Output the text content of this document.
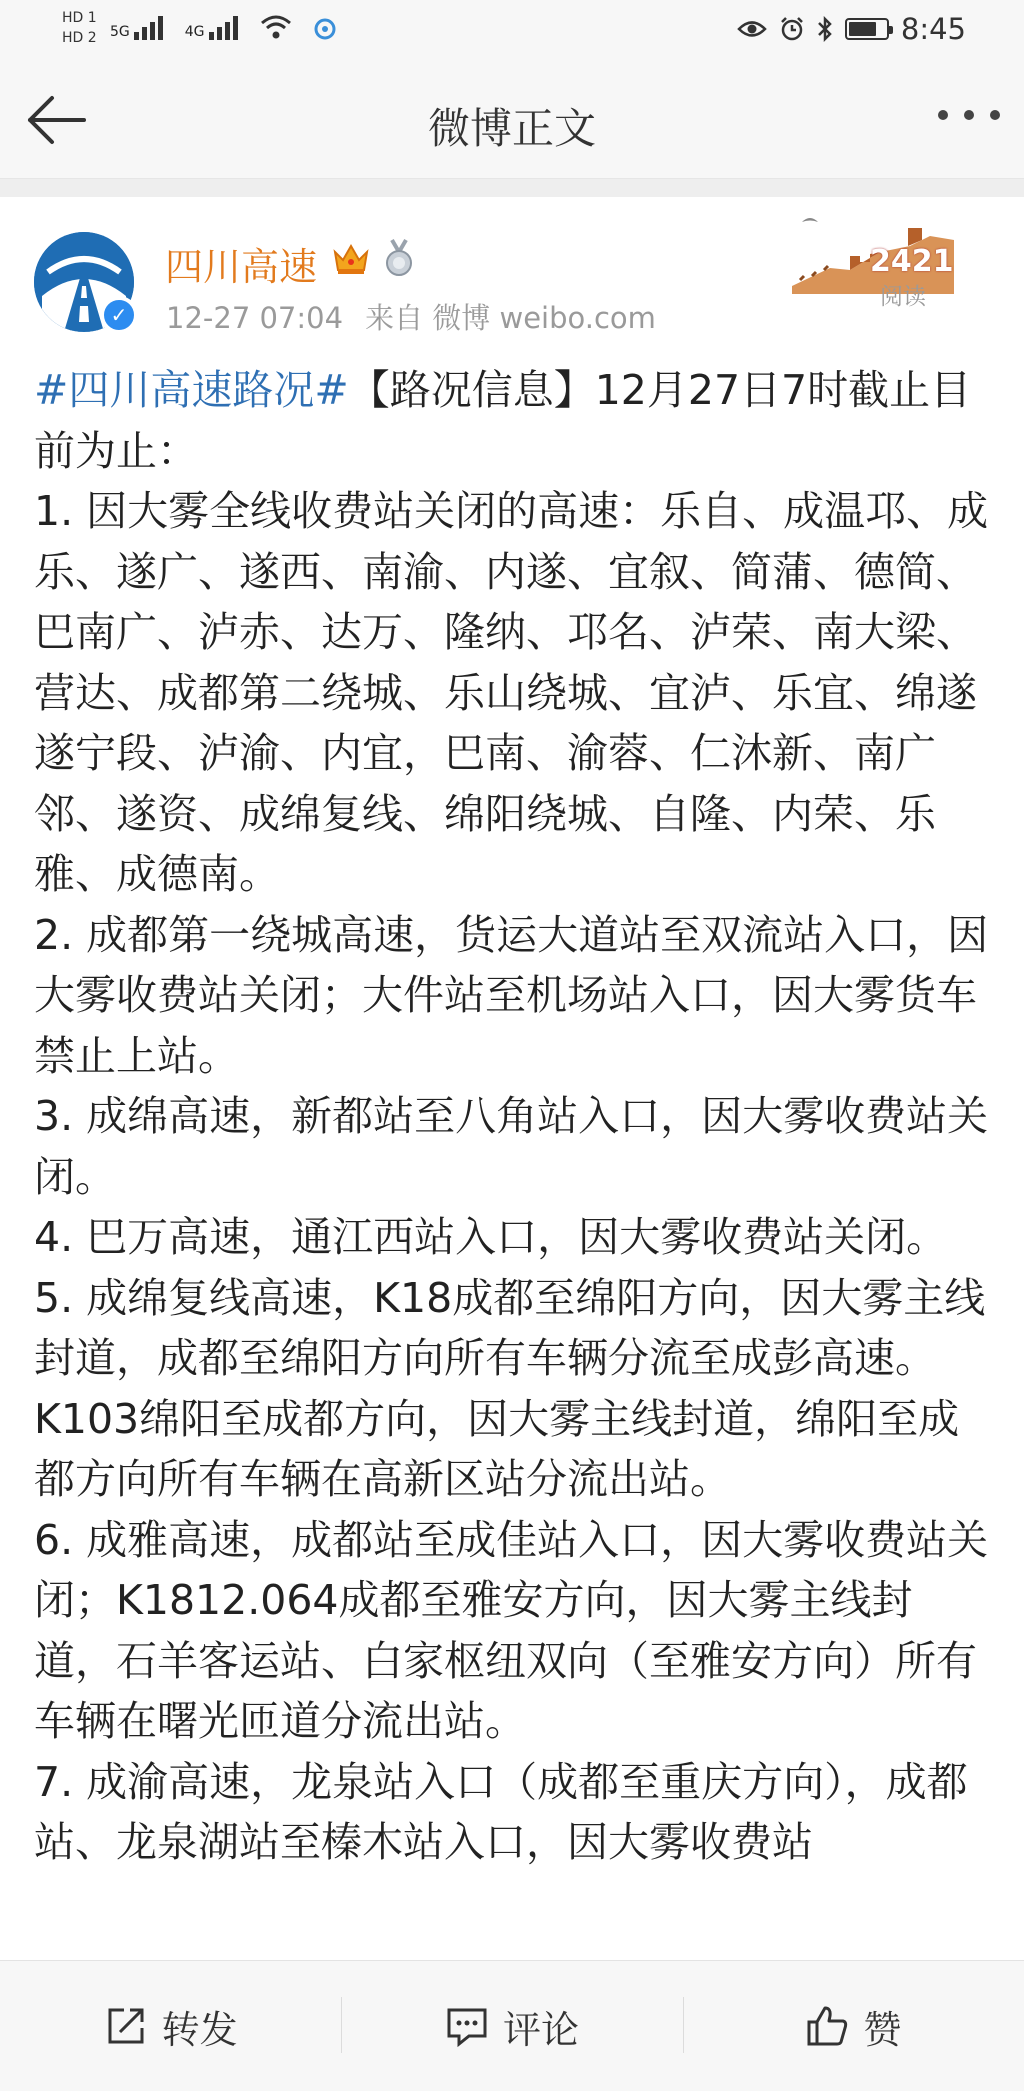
HD 1
HD 2 5G	4G	8:45
微博正文
✓
四川高速
12-27 07:04 来自 微博 weibo.com
2421
阅读

#四川高速路况#【路况信息】12月27日7时截止目前为止：

1. 因大雾全线收费站关闭的高速：乐自、成温邛、成乐、遂广、遂西、南渝、内遂、宜叙、简蒲、德简、巴南广、泸赤、达万、隆纳、邛名、泸荣、南大梁、营达、成都第二绕城、乐山绕城、宜泸、乐宜、绵遂遂宁段、泸渝、内宜，巴南、渝蓉、仁沐新、南广邻、遂资、成绵复线、绵阳绕城、自隆、内荣、乐雅、成德南。

2. 成都第一绕城高速，货运大道站至双流站入口，因大雾收费站关闭；大件站至机场站入口，因大雾货车禁止上站。

3. 成绵高速，新都站至八角站入口，因大雾收费站关闭。

4. 巴万高速，通江西站入口，因大雾收费站关闭。

5. 成绵复线高速，K18成都至绵阳方向，因大雾主线封道，成都至绵阳方向所有车辆分流至成彭高速。K103绵阳至成都方向，因大雾主线封道，绵阳至成都方向所有车辆在高新区站分流出站。

6. 成雅高速，成都站至成佳站入口，因大雾收费站关闭；K1812.064成都至雅安方向，因大雾主线封道，石羊客运站、白家枢纽双向（至雅安方向）所有车辆在曙光匝道分流出站。

7. 成渝高速，龙泉站入口（成都至重庆方向），成都站、龙泉湖站至榛木站入口，因大雾收费站

转发	评论	赞
